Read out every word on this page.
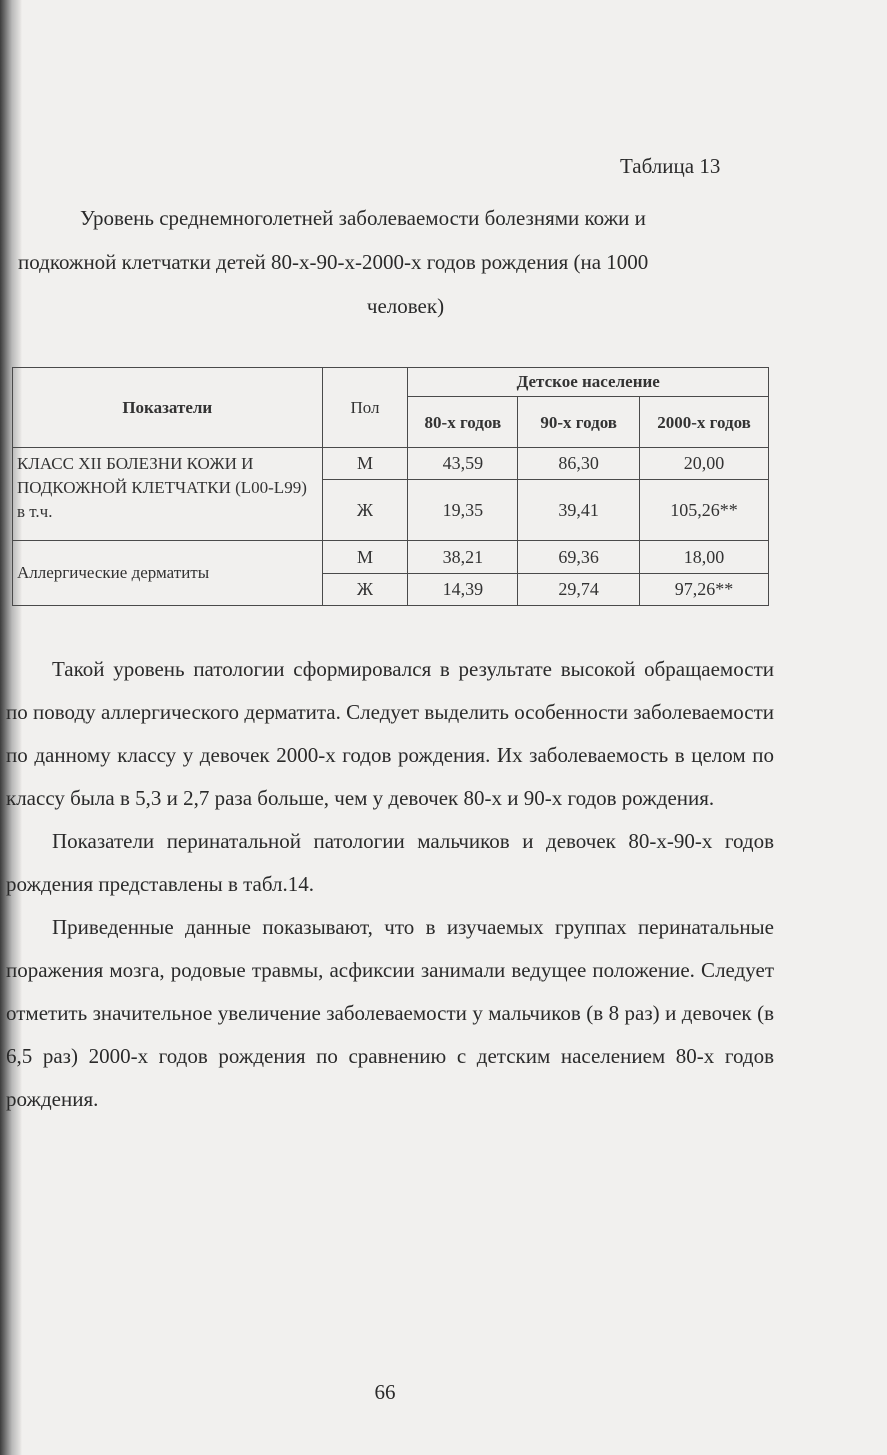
Таблица 13
Уровень среднемноголетней заболеваемости болезнями кожи и
подкожной клетчатки детей 80-х-90-х-2000-х годов рождения (на 1000
человек)
Показатели	Пол	Детское население		
		80-х годов	90-х годов	2000-х годов
КЛАСС XII БОЛЕЗНИ КОЖИ И ПОДКОЖНОЙ КЛЕТЧАТКИ (L00-L99) в т.ч.	М	43,59	86,30	20,00
	Ж	19,35	39,41	105,26**
Аллергические дерматиты	М	38,21	69,36	18,00
	Ж	14,39	29,74	97,26**

Такой уровень патологии сформировался в результате высокой обращаемости по поводу аллергического дерматита. Следует выделить особенности заболеваемости по данному классу у девочек 2000-х годов рождения. Их заболеваемость в целом по классу была в 5,3 и 2,7 раза больше, чем у девочек 80-х и 90-х годов рождения.

Показатели перинатальной патологии мальчиков и девочек 80-х-90-х годов рождения представлены в табл.14.

Приведенные данные показывают, что в изучаемых группах перинатальные поражения мозга, родовые травмы, асфиксии занимали ведущее положение. Следует отметить значительное увеличение заболеваемости у мальчиков (в 8 раз) и девочек (в 6,5 раз) 2000-х годов рождения по сравнению с детским населением 80-х годов рождения.

66
